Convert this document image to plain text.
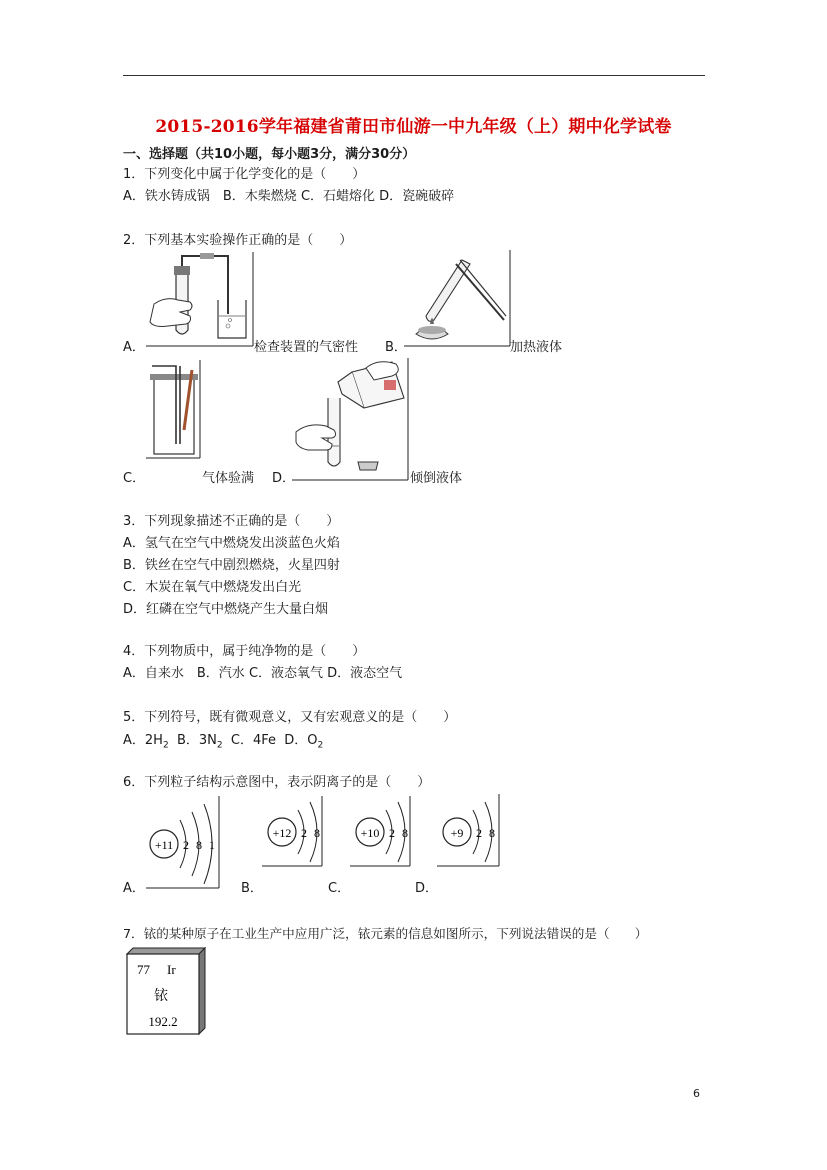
2015-2016学年福建省莆田市仙游一中九年级（上）期中化学试卷
一、选择题（共10小题，每小题3分，满分30分）
1．下列变化中属于化学变化的是（　　）
A．铁水铸成锅　B．木柴燃烧 C．石蜡熔化 D．瓷碗破碎
2．下列基本实验操作正确的是（　　）
A．	检查装置的气密性 B．	加热液体
C．	气体验满 D．	倾倒液体
3．下列现象描述不正确的是（　　）
A．氢气在空气中燃烧发出淡蓝色火焰
B．铁丝在空气中剧烈燃烧，火星四射
C．木炭在氧气中燃烧发出白光
D．红磷在空气中燃烧产生大量白烟
4．下列物质中，属于纯净物的是（　　）
A．自来水　B．汽水 C．液态氧气 D．液态空气
5．下列符号，既有微观意义，又有宏观意义的是（　　）
A．$2H_2$ B．$3N_2$ C．4Fe D．$O_2$
6．下列粒子结构示意图中，表示阴离子的是（　　）
+11 2 8 1
+12 2 8	+10 2 8	+9 2 8
A．	B．	C．	D．
7．铱的某种原子在工业生产中应用广泛，铱元素的信息如图所示，下列说法错误的是（　　）
77 Ir
铱
192.2
6
